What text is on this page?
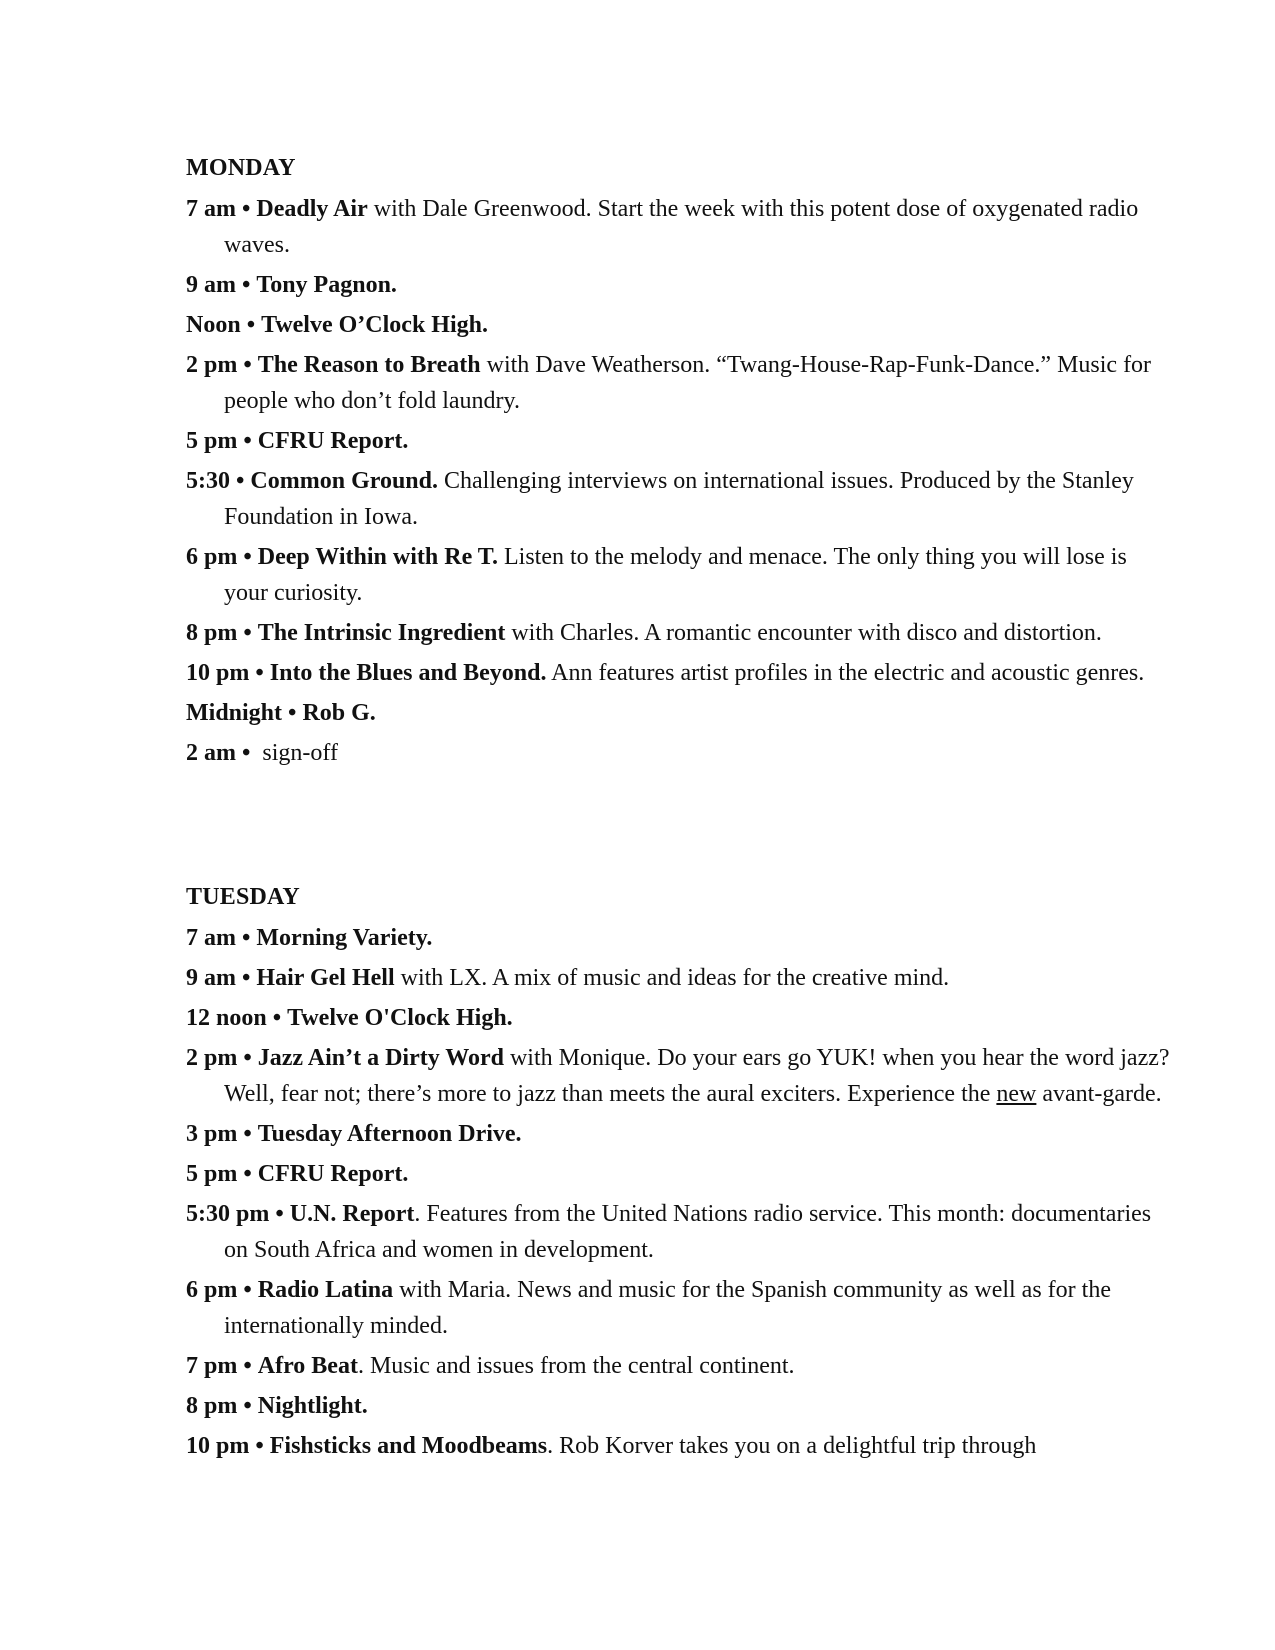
MONDAY
7 am • Deadly Air with Dale Greenwood. Start the week with this potent dose of oxygenated radio waves.
9 am • Tony Pagnon.
Noon • Twelve O’Clock High.
2 pm • The Reason to Breath with Dave Weatherson. “Twang-House-Rap-Funk-Dance.” Music for people who don’t fold laundry.
5 pm • CFRU Report.
5:30 • Common Ground. Challenging interviews on international issues. Produced by the Stanley Foundation in Iowa.
6 pm • Deep Within with Re T. Listen to the melody and menace. The only thing you will lose is your curiosity.
8 pm • The Intrinsic Ingredient with Charles. A romantic encounter with disco and distortion.
10 pm • Into the Blues and Beyond. Ann features artist profiles in the electric and acoustic genres.
Midnight • Rob G.
2 am • sign-off
TUESDAY
7 am • Morning Variety.
9 am • Hair Gel Hell with LX. A mix of music and ideas for the creative mind.
12 noon • Twelve O'Clock High.
2 pm • Jazz Ain’t a Dirty Word with Monique. Do your ears go YUK! when you hear the word jazz? Well, fear not; there’s more to jazz than meets the aural exciters. Experience the new avant-garde.
3 pm • Tuesday Afternoon Drive.
5 pm • CFRU Report.
5:30 pm • U.N. Report. Features from the United Nations radio service. This month: documentaries on South Africa and women in development.
6 pm • Radio Latina with Maria. News and music for the Spanish community as well as for the internationally minded.
7 pm • Afro Beat. Music and issues from the central continent.
8 pm • Nightlight.
10 pm • Fishsticks and Moodbeams. Rob Korver takes you on a delightful trip through
